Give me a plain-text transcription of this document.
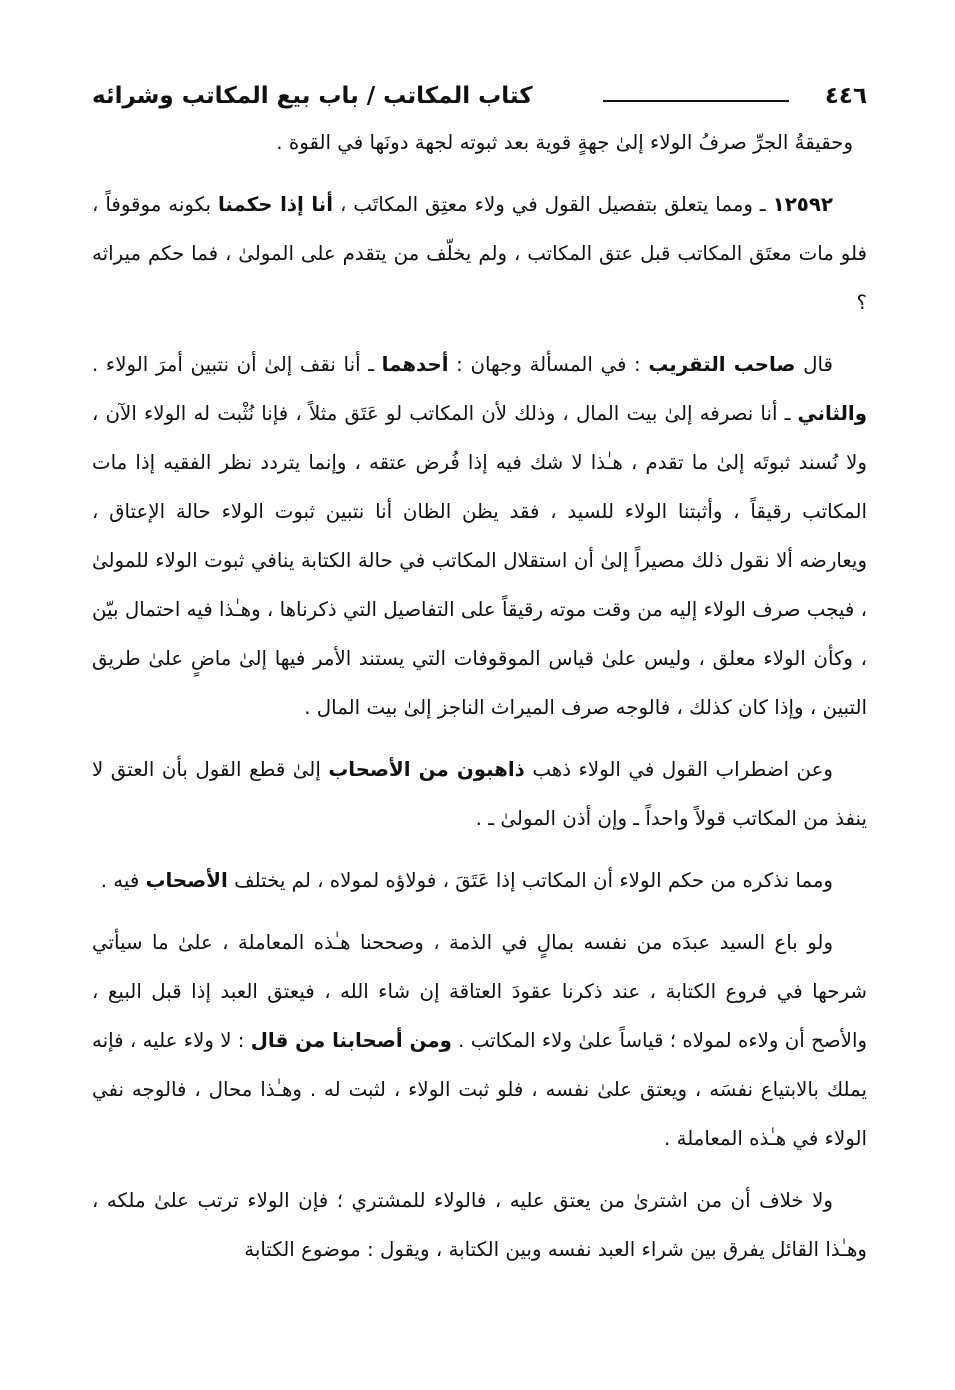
٤٤٦
كتاب المكاتب / باب بيع المكاتب وشرائه

وحقيقةُ الجرِّ صرفُ الولاء إلىٰ جهةٍ قوية بعد ثبوته لجهة دونَها في القوة .

١٢٥٩٢ ـ ومما يتعلق بتفصيل القول في ولاء معتِق المكاتَب ، أنا إذا حكمنا بكونه موقوفاً ، فلو مات معتَق المكاتب قبل عتق المكاتب ، ولم يخلّف من يتقدم على المولىٰ ، فما حكم ميراثه ؟

قال صاحب التقريب : في المسألة وجهان : أحدهما ـ أنا نقف إلىٰ أن نتبين أمرَ الولاء . والثاني ـ أنا نصرفه إلىٰ بيت المال ، وذلك لأن المكاتب لو عَتَق مثلاً ، فإنا نُثْبت له الولاء الآن ، ولا نُسند ثبوتَه إلىٰ ما تقدم ، هـٰذا لا شك فيه إذا فُرض عتقه ، وإنما يتردد نظر الفقيه إذا مات المكاتب رقيقاً ، وأثبتنا الولاء للسيد ، فقد يظن الظان أنا نتبين ثبوت الولاء حالة الإعتاق ، ويعارضه ألا نقول ذلك مصيراً إلىٰ أن استقلال المكاتب في حالة الكتابة ينافي ثبوت الولاء للمولىٰ ، فيجب صرف الولاء إليه من وقت موته رقيقاً على التفاصيل التي ذكرناها ، وهـٰذا فيه احتمال بيّن ، وكأن الولاء معلق ، وليس علىٰ قياس الموقوفات التي يستند الأمر فيها إلىٰ ماضٍ علىٰ طريق التبين ، وإذا كان كذلك ، فالوجه صرف الميراث الناجز إلىٰ بيت المال .

وعن اضطراب القول في الولاء ذهب ذاهبون من الأصحاب إلىٰ قطع القول بأن العتق لا ينفذ من المكاتب قولاً واحداً ـ وإن أذن المولىٰ ـ .

ومما نذكره من حكم الولاء أن المكاتب إذا عَتَقَ ، فولاؤه لمولاه ، لم يختلف الأصحاب فيه .

ولو باع السيد عبدَه من نفسه بمالٍ في الذمة ، وصححنا هـٰذه المعاملة ، علىٰ ما سيأتي شرحها في فروع الكتابة ، عند ذكرنا عقودَ العتاقة إن شاء الله ، فيعتق العبد إذا قبل البيع ، والأصح أن ولاءه لمولاه ؛ قياساً علىٰ ولاء المكاتب . ومن أصحابنا من قال : لا ولاء عليه ، فإنه يملك بالابتياع نفسَه ، ويعتق علىٰ نفسه ، فلو ثبت الولاء ، لثبت له . وهـٰذا محال ، فالوجه نفي الولاء في هـٰذه المعاملة .

ولا خلاف أن من اشترىٰ من يعتق عليه ، فالولاء للمشتري ؛ فإن الولاء ترتب علىٰ ملكه ، وهـٰذا القائل يفرق بين شراء العبد نفسه وبين الكتابة ، ويقول : موضوع الكتابة
